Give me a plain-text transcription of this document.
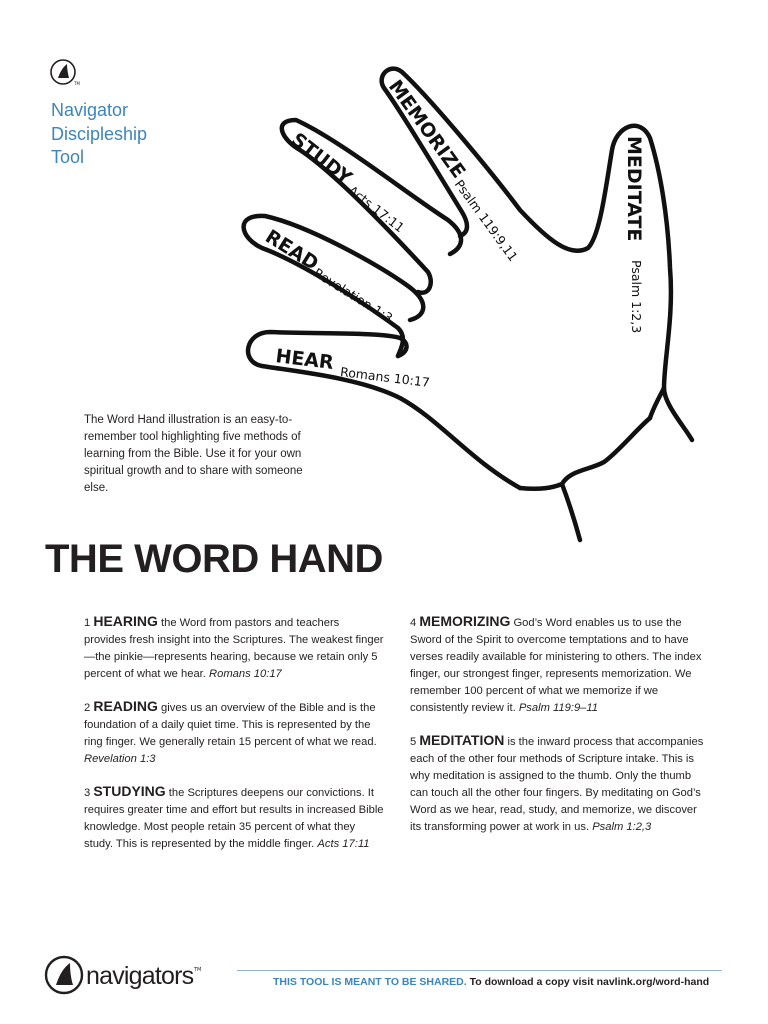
TM
Navigator
Discipleship
Tool
HEAR
Romans 10:17
READ
Revelation 1:3
STUDY
Acts 17:11
MEMORIZE
Psalm 119:9,11	MEDITATE
Psalm 1:2,3
The Word Hand illustration is an easy-to-remember tool highlighting five methods of learning from the Bible. Use it for your own spiritual growth and to share with someone else.
THE WORD HAND

1 HEARING the Word from pastors and teachers provides fresh insight into the Scriptures. The weakest finger—the pinkie—represents hearing, because we retain only 5 percent of what we hear. Romans 10:17

2 READING gives us an overview of the Bible and is the foundation of a daily quiet time. This is represented by the ring finger. We generally retain 15 percent of what we read. Revelation 1:3

3 STUDYING the Scriptures deepens our convictions. It requires greater time and effort but results in increased Bible knowledge. Most people retain 35 percent of what they study. This is represented by the middle finger. Acts 17:11

4 MEMORIZING God’s Word enables us to use the Sword of the Spirit to overcome temptations and to have verses readily available for ministering to others. The index finger, our strongest finger, represents memorization. We remember 100 percent of what we memorize if we consistently review it. Psalm 119:9–11

5 MEDITATION is the inward process that accompanies each of the other four methods of Scripture intake. This is why meditation is assigned to the thumb. Only the thumb can touch all the other four fingers. By meditating on God’s Word as we hear, read, study, and memorize, we discover its transforming power at work in us. Psalm 1:2,3

navigators TM
THIS TOOL IS MEANT TO BE SHARED. To download a copy visit navlink.org/word-hand
